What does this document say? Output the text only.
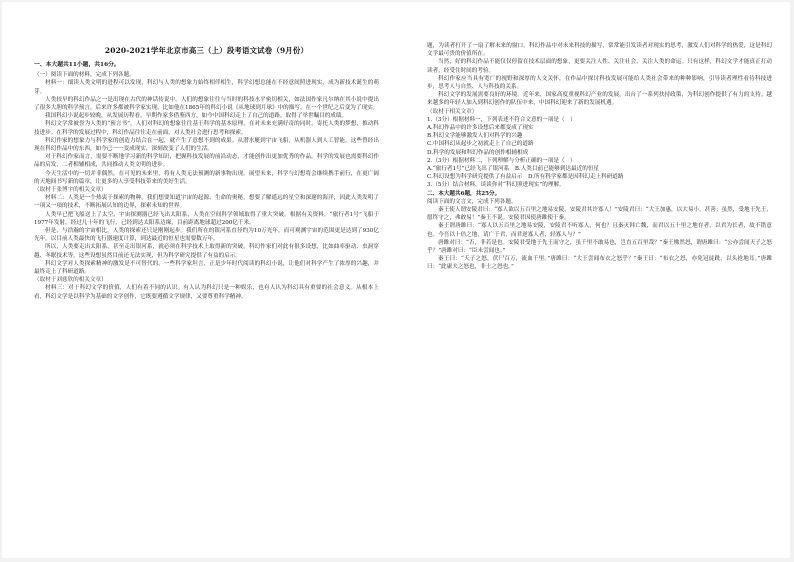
2020-2021学年北京市高三（上）段考语文试卷（9月份）
一、本大题共11小题，共16分。

（一）阅读下面的材料，完成下列各题。

材料一：细读人类文明的进程可以发现，科幻与人类的想象力始终相伴相生，科学幻想总能在不经意间照进现实，成为新技术诞生的萌芽。

人类较早的科幻作品之一是出现在古代的神话传说中。人们的想象往往与当时的科技水平密切相关，如法国作家凡尔纳在其小说中提出了很多大胆的科学预言，后来许多都被科学家实现。比如他在1865年的科幻小说《从地球到月球》中的描写，在一个世纪之后变为了现实。

我国科幻小说起步较晚，从发展历程看，早期作家多借鉴西方，如今中国科幻走上了自己的道路，取得了举世瞩目的成绩。

科幻文学常被誉为人类的“预言书”，人们对科幻的想象往往基于科学的基本原理，在对未来充满好奇的同时，寄托人类的梦想，推动科技进步。在科学的发展过程中，科幻作品往往走在前面，对人类社会进行思考和探索。

科幻作家的想象力与科学家的创造力结合在一起，就产生了意想不到的成果。从潜水艇到宇宙飞船，从机器人到人工智能，这些曾经出现在科幻作品中的东西，如今已一一变成现实，深刻改变了人们的生活。

对于科幻作家而言，需要不断地学习新的科学知识，把握科技发展的前沿动态，才能创作出更加优秀的作品。科学的发展也需要科幻作品的启发，二者相辅相成，共同推动人类文明的进步。

今天生活中的一切并非偶然，在可见的未来里，将有人类无法预测的新事物出现。展望未来，科学与幻想将会继续携手前行，在更广阔的天地间书写新的篇章，让更多的人享受科技带来的美好生活。

（取材于张博宇的相关文章）

材料二：人类是一个热衷于探索的物种。我们想要知道宇宙的起源、生命的奥秘，想要了解遥远的星空和深邃的海洋，因此人类发明了一项又一项的技术，不断拓展认知的边界，探索未知的世界。

人类早已把飞船送上了太空，宇宙探测器已经飞出太阳系，人类在空间科学领域取得了重大突破。根据有关资料，“旅行者1号”飞船于1977年发射，经过几十年的飞行，已经到达太阳系边缘，目前距离地球超过200亿千米。

但是，与浩瀚的宇宙相比，人类的探索还只是刚刚起步。我们所在的银河系直径约为10万光年，而可观测宇宙的范围更是达到了930亿光年。以目前人类最快的飞行器速度计算，到达最近的恒星也需要数万年。

所以，人类要走出太阳系，甚至走出银河系，就必须在科学技术上取得新的突破。科幻作家们对此有很多设想，比如曲率驱动、虫洞穿越、冬眠技术等，这些设想虽然目前还无法实现，但为科学研究提供了有益的启示。

科幻文学对人类探索精神的激发是不可替代的。一些科学家坦言，正是少年时代阅读的科幻小说，让他们对科学产生了浓厚的兴趣，并最终走上了科研道路。

（取材于刘慈欣的相关文章）

材料三：对于科幻文学的价值，人们有着不同的认识。有人认为科幻只是一种娱乐，也有人认为科幻具有重要的社会意义。从根本上看，科幻文学是以科学为基础的文学创作，它既要遵循文学规律，又要尊重科学精神。

题，为读者打开了一扇了解未来的窗口。科幻作品中对未来科技的描写，常常能引发读者对现实的思考，激发人们对科学的热爱，这是科幻文学最可贵的价值所在。

当然，好的科幻作品不能仅仅停留在技术层面的想象，更要关注人性、关注社会、关注人类的命运。只有这样，科幻文学才能真正打动读者，经受住时间的考验。

科幻作家应当具有宽广的视野和深厚的人文关怀，在作品中探讨科技发展可能给人类社会带来的种种影响，引导读者理性看待科技进步，思考人与自然、人与科技的关系。

科幻文学的发展需要良好的环境。近年来，国家高度重视科幻产业的发展，出台了一系列扶持政策，为科幻创作提供了有力的支持。越来越多的年轻人加入到科幻创作的队伍中来，中国科幻迎来了新的发展机遇。

（取材于相关文章）

1.（3分）根据材料一，下列表述不符合文意的一项是（　）

A.科幻作品中的许多设想后来都变成了现实

B.科幻文学能够激发人们对科学的兴趣

C.中国科幻从起步之初就走上了自己的道路

D.科学的发展和科幻作品的创作相辅相成

2.（3分）根据材料二，下列理解与分析正确的一项是（　）

A.“旅行者1号”已经飞出了银河系　B.人类目前已能够到达最近的恒星

C.科幻设想为科学研究提供了有益启示　D.所有科学家都是因科幻走上科研道路

3.（5分）结合材料，谈谈你对“科幻照进现实”的理解。

二、本大题共6题，共25分。

阅读下面的文言文，完成下列各题。

秦王使人谓安陵君曰：“寡人欲以五百里之地易安陵，安陵君其许寡人！”安陵君曰：“大王加惠，以大易小，甚善；虽然，受地于先王，愿终守之，弗敢易！”秦王不说。安陵君因使唐雎使于秦。

秦王谓唐雎曰：“寡人以五百里之地易安陵，安陵君不听寡人，何也？且秦灭韩亡魏，而君以五十里之地存者，以君为长者，故不错意也。今吾以十倍之地，请广于君，而君逆寡人者，轻寡人与？”

唐雎对曰：“否，非若是也。安陵君受地于先王而守之，虽千里不敢易也，岂直五百里哉？”秦王怫然怒，谓唐雎曰：“公亦尝闻天子之怒乎？”唐雎对曰：“臣未尝闻也。”

秦王曰：“天子之怒，伏尸百万，流血千里。”唐雎曰：“大王尝闻布衣之怒乎？”秦王曰：“布衣之怒，亦免冠徒跣，以头抢地耳。”唐雎曰：“此庸夫之怒也，非士之怒也。”
